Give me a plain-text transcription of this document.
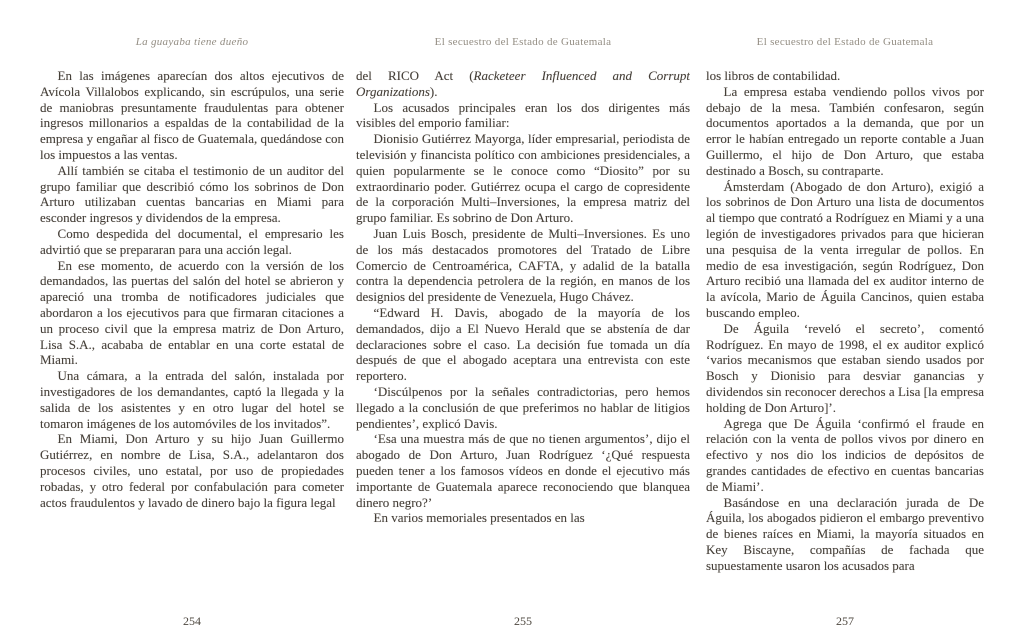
La guayaba tiene dueño

En las imágenes aparecían dos altos ejecutivos de Avícola Villalobos explicando, sin escrúpulos, una serie de maniobras presuntamente fraudulentas para obtener ingresos millonarios a espaldas de la contabilidad de la empresa y engañar al fisco de Guatemala, quedándose con los impuestos a las ventas.

Allí también se citaba el testimonio de un auditor del grupo familiar que describió cómo los sobrinos de Don Arturo utilizaban cuentas bancarias en Miami para esconder ingresos y dividendos de la empresa.

Como despedida del documental, el empresario les advirtió que se prepararan para una acción legal.

En ese momento, de acuerdo con la versión de los demandados, las puertas del salón del hotel se abrieron y apareció una tromba de notificadores judiciales que abordaron a los ejecutivos para que firmaran citaciones a un proceso civil que la empresa matriz de Don Arturo, Lisa S.A., acababa de entablar en una corte estatal de Miami.

Una cámara, a la entrada del salón, instalada por investigadores de los demandantes, captó la llegada y la salida de los asistentes y en otro lugar del hotel se tomaron imágenes de los automóviles de los invitados”.

En Miami, Don Arturo y su hijo Juan Guillermo Gutiérrez, en nombre de Lisa, S.A., adelantaron dos procesos civiles, uno estatal, por uso de propiedades robadas, y otro federal por confabulación para cometer actos fraudulentos y lavado de dinero bajo la figura legal

254
El secuestro del Estado de Guatemala

del RICO Act (Racketeer Influenced and Corrupt Organizations).

Los acusados principales eran los dos dirigentes más visibles del emporio familiar:

Dionisio Gutiérrez Mayorga, líder empresarial, periodista de televisión y financista político con ambiciones presidenciales, a quien popularmente se le conoce como “Diosito” por su extraordinario poder. Gutiérrez ocupa el cargo de copresidente de la corporación Multi–Inversiones, la empresa matriz del grupo familiar. Es sobrino de Don Arturo.

Juan Luis Bosch, presidente de Multi–Inversiones. Es uno de los más destacados promotores del Tratado de Libre Comercio de Centroamérica, CAFTA, y adalid de la batalla contra la dependencia petrolera de la región, en manos de los designios del presidente de Venezuela, Hugo Chávez.

“Edward H. Davis, abogado de la mayoría de los demandados, dijo a El Nuevo Herald que se abstenía de dar declaraciones sobre el caso. La decisión fue tomada un día después de que el abogado aceptara una entrevista con este reportero.

‘Discúlpenos por la señales contradictorias, pero hemos llegado a la conclusión de que preferimos no hablar de litigios pendientes’, explicó Davis.

‘Esa una muestra más de que no tienen argumentos’, dijo el abogado de Don Arturo, Juan Rodríguez ‘¿Qué respuesta pueden tener a los famosos vídeos en donde el ejecutivo más importante de Guatemala aparece reconociendo que blanquea dinero negro?’

En varios memoriales presentados en las

255
El secuestro del Estado de Guatemala

los libros de contabilidad.

La empresa estaba vendiendo pollos vivos por debajo de la mesa. También confesaron, según documentos aportados a la demanda, que por un error le habían entregado un reporte contable a Juan Guillermo, el hijo de Don Arturo, que estaba destinado a Bosch, su contraparte.

Ámsterdam (Abogado de don Arturo), exigió a los sobrinos de Don Arturo una lista de documentos al tiempo que contrató a Rodríguez en Miami y a una legión de investigadores privados para que hicieran una pesquisa de la venta irregular de pollos. En medio de esa investigación, según Rodríguez, Don Arturo recibió una llamada del ex auditor interno de la avícola, Mario de Águila Cancinos, quien estaba buscando empleo.

De Águila ‘reveló el secreto’, comentó Rodríguez. En mayo de 1998, el ex auditor explicó ‘varios mecanismos que estaban siendo usados por Bosch y Dionisio para desviar ganancias y dividendos sin reconocer derechos a Lisa [la empresa holding de Don Arturo]’.

Agrega que De Águila ‘confirmó el fraude en relación con la venta de pollos vivos por dinero en efectivo y nos dio los indicios de depósitos de grandes cantidades de efectivo en cuentas bancarias de Miami’.

Basándose en una declaración jurada de De Águila, los abogados pidieron el embargo preventivo de bienes raíces en Miami, la mayoría situados en Key Biscayne, compañías de fachada que supuestamente usaron los acusados para

257
